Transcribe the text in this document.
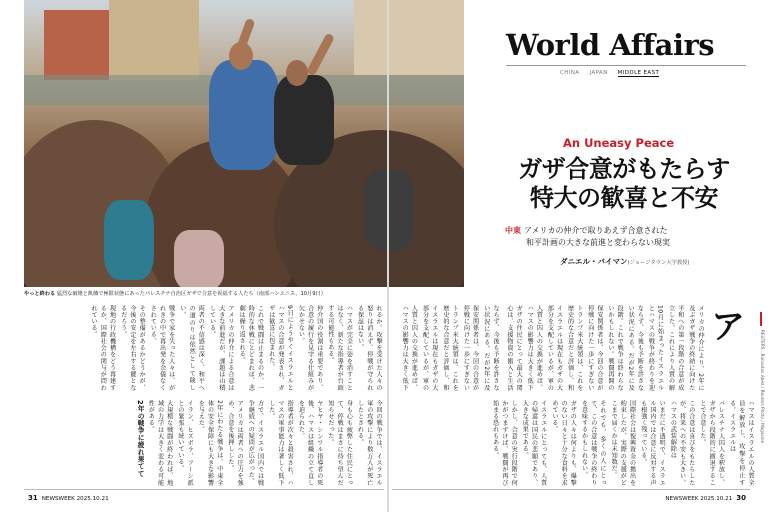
やっと終わる 猛烈な破壊と飢餓で極限状態にあったパレスチナ自治区ガザで合意を祝福する人たち（南部ハンユニス、10月9日）
れるか。攻撃を受けた人々の怒りは消えず、停戦が守られる保証はない。
ハマスが完全に姿を消すことはなく、新たな指導者が台頭する可能性もある。
仲介国の役割は重要であり、合意の履行を見守る仕組みが欠かせない。
9日にようやくイスラエルとハマスの合意が発表され、ガザは歓喜に包まれた。
これで戦闘は止まるのか。一時的な休戦にとどまれば、悲劇は繰り返される。
アメリカの仲介による合意は大きな前進だが、課題は山積している。
両者の不信感は深く、和平への道のりは依然として険しい。
戦争で家を失った人々は、がれきの中で再出発を余儀なくされている。
その整備があるかどうかが、今後の安定を左右する鍵となるだろう。
現地の行政機構をどう再建するか、国際社会の関与が問われている。
今回の戦争では、イスラエル軍の攻撃により数万人が死亡したとされる。
身も心も疲弊した住民にとって、停戦はまさに待ち望んだ知らせだった。
ヤヒヤ・シンワル指導者の死後、ハマスは組織の立て直しを迫られた。
指導者が次々と殺害され、ハマスの軍事能力は著しく低下した。
方で、イスラエル国内では戦争継続への疑問が広がった。
アメリカは両者への圧力を強め、合意を後押しした。
2年にわたる戦争は、中東全体の安全保障にも大きな影響を与えた。
イラン、ヒズボラ、フーシ派との緊張も続いている。
大規模な戦闘が終われば、地域の力学は大きく変わる可能性がある。
2年の戦争に疲れ果てて
World Affairs
CHINA JAPAN MIDDLE EAST
An Uneasy Peace
ガザ合意がもたらす
特大の歓喜と不安
中東 アメリカの仲介で取りあえず合意された
和平計画の大きな前進と変わらない現実
ダニエル・バイマン(ジョージタウン大学教授)
メリカの仲介により、2年に及ぶガザ戦争の終結に向けた
平和への第一段階の合意が成立した。これにより人質の解
10月に始まったイスラエルとハマスの戦争が終わりを迎
ならず、今後も予断を許さない状況にある。だが2年に及
段階。これで戦争は終わらないかもしれない。戦闘再開の
保安関係者は、今回の合意が停戦に向けた一歩にすぎない
トランプ米大統領は、これを歴史的な合意だと評価し、和
イスラエルは現在もガザの大部分を支配しているが、軍の
人質と囚人の交換が進めば、ハマスの影響力は大きく低下
ガザの住民にとって最大の関心は、支援物資の搬入と生活
ア
REUTERS／Ramadan Abed / Reuters Photo / Magazine
ハマスはイスラエルの人質全員を解放し、攻撃を停止する。イスラエルは
パレスチナ人囚人を釈放し、ガザから段階的に撤退することで合意した。
この合意は喜びをもたらしたが、将来への不安も大きい。ハマスの武装解除は
いまだに不透明で、イスラエル国内では合意に反対する声も根強く残っている。
国際社会は復興資金の拠出を約束したが、実際の支援がどこまで届くかは未知数だ。
それでも、多くの人にとって、この合意は戦争の終わりを意味するかもしれない。
ガザの人々は何よりも、爆撃のない日々と十分な食料を求めている。
イスラエルにとっても、人質の帰還は国民の悲願であり、大きな成果である。
しかし、合意の実行段階で何かがつまずけば、戦闘が再び始まる恐れもある。
ならず、今後も予断を許さない状況にある。だが2年に及
保安関係者は、今回の合意が停戦に向けた一歩にすぎない
トランプ米大統領は、これを歴史的な合意だと評価し、和
イスラエルは現在もガザの大部分を支配しているが、軍の
人質と囚人の交換が進めば、ハマスの影響力は大きく低下
31 NEWSWEEK 2025.10.21	NEWSWEEK 2025.10.21 30
